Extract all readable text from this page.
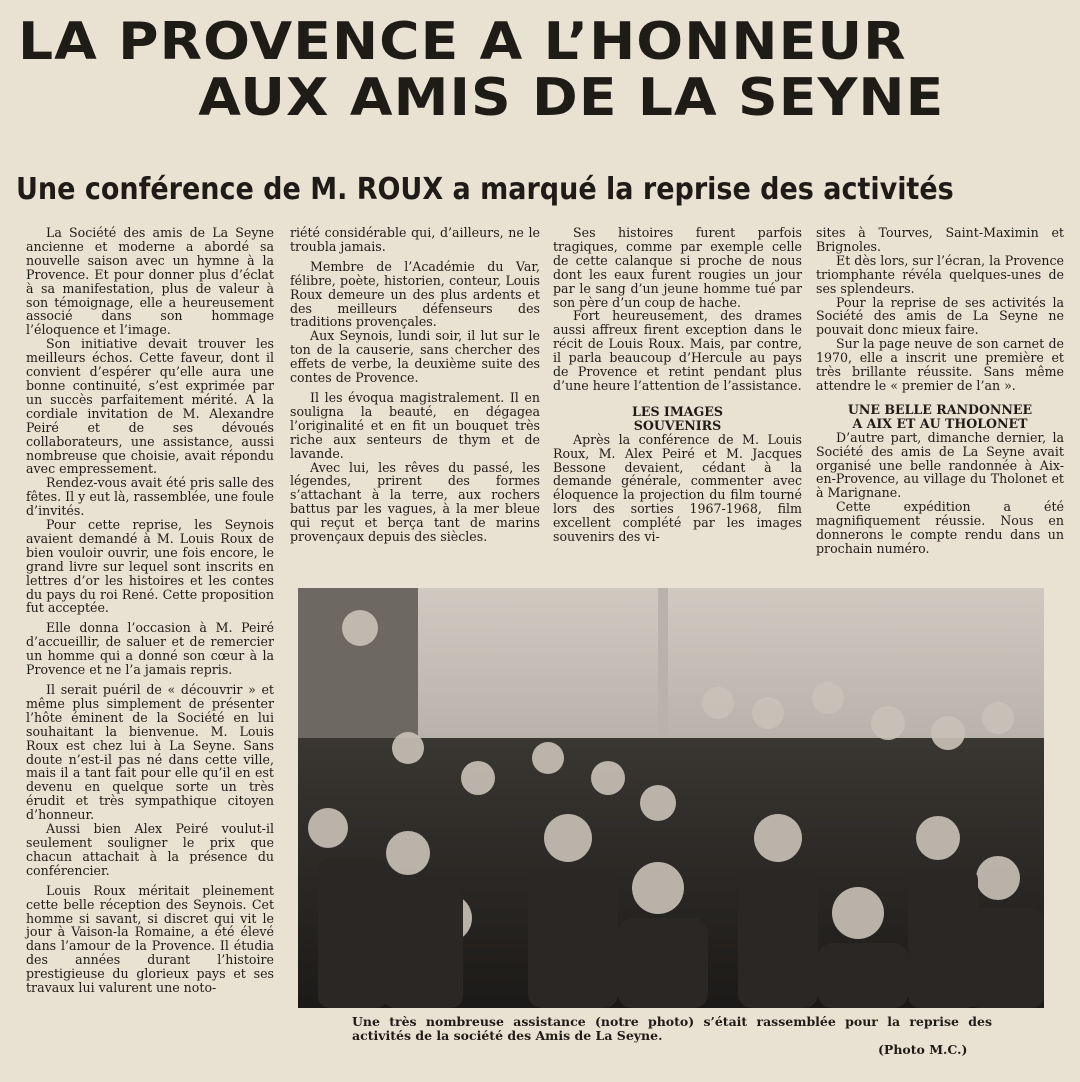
LA PROVENCE A L’HONNEUR
AUX AMIS DE LA SEYNE
Une conférence de M. ROUX a marqué la reprise des activités

La Société des amis de La Seyne ancienne et moderne a abordé sa nouvelle saison avec un hymne à la Provence. Et pour donner plus d’éclat à sa manifestation, plus de valeur à son témoignage, elle a heureusement associé dans son hommage l’éloquence et l’image.

Son initiative devait trouver les meilleurs échos. Cette faveur, dont il convient d’espérer qu’elle aura une bonne continuité, s’est exprimée par un succès parfaitement mérité. A la cordiale invitation de M. Alexandre Peiré et de ses dévoués collaborateurs, une assistance, aussi nombreuse que choisie, avait répondu avec empressement.

Rendez-vous avait été pris salle des fêtes. Il y eut là, rassemblée, une foule d’invités.

Pour cette reprise, les Seynois avaient demandé à M. Louis Roux de bien vouloir ouvrir, une fois encore, le grand livre sur lequel sont inscrits en lettres d’or les histoires et les contes du pays du roi René. Cette proposition fut acceptée.

Elle donna l’occasion à M. Peiré d’accueillir, de saluer et de remercier un homme qui a donné son cœur à la Provence et ne l’a jamais repris.

Il serait puéril de « découvrir » et même plus simplement de présenter l’hôte éminent de la Société en lui souhaitant la bienvenue. M. Louis Roux est chez lui à La Seyne. Sans doute n’est-il pas né dans cette ville, mais il a tant fait pour elle qu’il en est devenu en quelque sorte un très érudit et très sympathique citoyen d’honneur.

Aussi bien Alex Peiré voulut-il seulement souligner le prix que chacun attachait à la présence du conférencier.

Louis Roux méritait pleinement cette belle réception des Seynois. Cet homme si savant, si discret qui vit le jour à Vaison-la Romaine, a été élevé dans l’amour de la Provence. Il étudia des années durant l’histoire prestigieuse du glorieux pays et ses travaux lui valurent une noto-

riété considérable qui, d’ailleurs, ne le troubla jamais.

Membre de l’Académie du Var, félibre, poète, historien, conteur, Louis Roux demeure un des plus ardents et des meilleurs défenseurs des traditions provençales.

Aux Seynois, lundi soir, il lut sur le ton de la causerie, sans chercher des effets de verbe, la deuxième suite des contes de Provence.

Il les évoqua magistralement. Il en souligna la beauté, en dégagea l’originalité et en fit un bouquet très riche aux senteurs de thym et de lavande.

Avec lui, les rêves du passé, les légendes, prirent des formes s’attachant à la terre, aux rochers battus par les vagues, à la mer bleue qui reçut et berça tant de marins provençaux depuis des siècles.

Ses histoires furent parfois tragiques, comme par exemple celle de cette calanque si proche de nous dont les eaux furent rougies un jour par le sang d’un jeune homme tué par son père d’un coup de hache.

Fort heureusement, des drames aussi affreux firent exception dans le récit de Louis Roux. Mais, par contre, il parla beaucoup d’Hercule au pays de Provence et retint pendant plus d’une heure l’attention de l’assistance.

LES IMAGES

SOUVENIRS

Après la conférence de M. Louis Roux, M. Alex Peiré et M. Jacques Bessone devaient, cédant à la demande générale, commenter avec éloquence la projection du film tourné lors des sorties 1967-1968, film excellent complété par les images souvenirs des vi-

sites à Tourves, Saint-Maximin et Brignoles.

Et dès lors, sur l’écran, la Provence triomphante révéla quelques-unes de ses splendeurs.

Pour la reprise de ses activités la Société des amis de La Seyne ne pouvait donc mieux faire.

Sur la page neuve de son carnet de 1970, elle a inscrit une première et très brillante réussite. Sans même attendre le « premier de l’an ».

UNE BELLE RANDONNEE

A AIX ET AU THOLONET

D’autre part, dimanche dernier, la Société des amis de La Seyne avait organisé une belle randonnée à Aix-en-Provence, au village du Tholonet et à Marignane.

Cette expédition a été magnifiquement réussie. Nous en donnerons le compte rendu dans un prochain numéro.

Une très nombreuse assistance (notre photo) s’était rassemblée pour la reprise des activités de la société des Amis de La Seyne.
(Photo M.C.)
